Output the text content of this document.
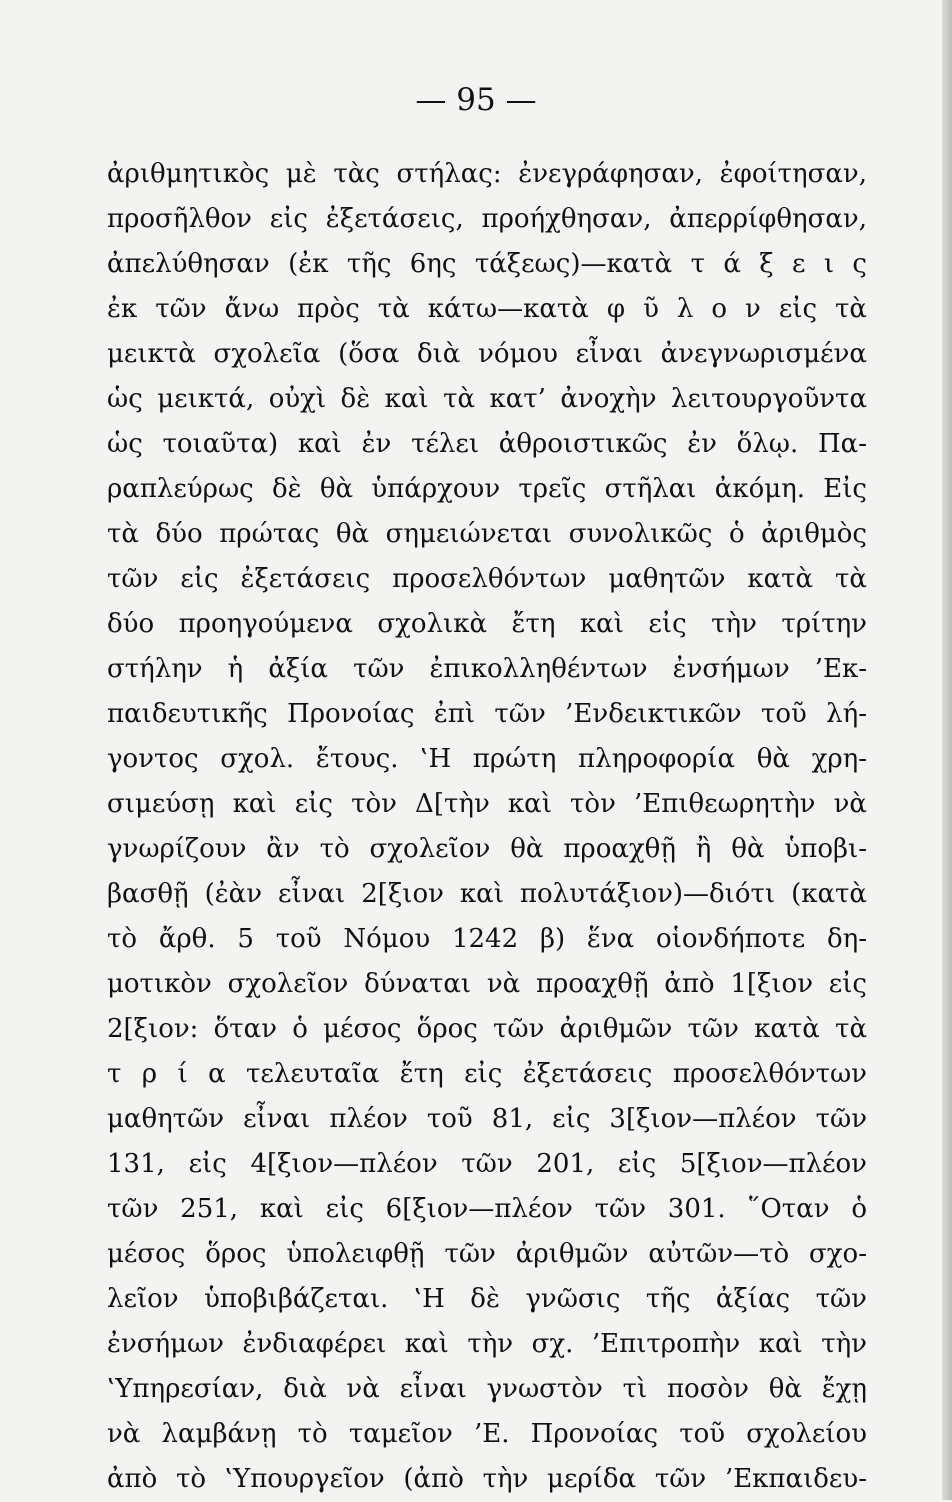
— 95 —
ἀριθμητικὸς μὲ τὰς στήλας: ἐνεγράφησαν, ἐφοίτησαν,
προσῆλθον εἰς ἐξετάσεις, προήχθησαν, ἀπερρίφθησαν,
ἀπελύθησαν (ἐκ τῆς 6ης τάξεως)—κατὰ τ ά ξ ε ι ς
ἐκ τῶν ἄνω πρὸς τὰ κάτω—κατὰ φ ῦ λ ο ν εἰς τὰ
μεικτὰ σχολεῖα (ὅσα διὰ νόμου εἶναι ἀνεγνωρισμένα
ὡς μεικτά, οὐχὶ δὲ καὶ τὰ κατ’ ἀνοχὴν λειτουργοῦντα
ὡς τοιαῦτα) καὶ ἐν τέλει ἀθροιστικῶς ἐν ὅλῳ. Πα-
ραπλεύρως δὲ θὰ ὑπάρχουν τρεῖς στῆλαι ἀκόμη. Εἰς
τὰ δύο πρώτας θὰ σημειώνεται συνολικῶς ὁ ἀριθμὸς
τῶν εἰς ἐξετάσεις προσελθόντων μαθητῶν κατὰ τὰ
δύο προηγούμενα σχολικὰ ἔτη καὶ εἰς τὴν τρίτην
στήλην ἡ ἀξία τῶν ἐπικολληθέντων ἐνσήμων ’Εκ-
παιδευτικῆς Προνοίας ἐπὶ τῶν ’Ενδεικτικῶν τοῦ λή-
γοντος σχολ. ἔτους. ‛Η πρώτη πληροφορία θὰ χρη-
σιμεύσῃ καὶ εἰς τὸν Δ[τὴν καὶ τὸν ’Επιθεωρητὴν νὰ
γνωρίζουν ἂν τὸ σχολεῖον θὰ προαχθῇ ἢ θὰ ὑποβι-
βασθῇ (ἐὰν εἶναι 2[ξιον καὶ πολυτάξιον)—διότι (κατὰ
τὸ ἄρθ. 5 τοῦ Νόμου 1242 β) ἕνα οἱονδήποτε δη-
μοτικὸν σχολεῖον δύναται νὰ προαχθῇ ἀπὸ 1[ξιον εἰς
2[ξιον: ὅταν ὁ μέσος ὅρος τῶν ἀριθμῶν τῶν κατὰ τὰ
τ ρ ί α τελευταῖα ἔτη εἰς ἐξετάσεις προσελθόντων
μαθητῶν εἶναι πλέον τοῦ 81, εἰς 3[ξιον—πλέον τῶν
131, εἰς 4[ξιον—πλέον τῶν 201, εἰς 5[ξιον—πλέον
τῶν 251, καὶ εἰς 6[ξιον—πλέον τῶν 301. ῞Οταν ὁ
μέσος ὅρος ὑπολειφθῇ τῶν ἀριθμῶν αὐτῶν—τὸ σχο-
λεῖον ὑποβιβάζεται. ‛Η δὲ γνῶσις τῆς ἀξίας τῶν
ἐνσήμων ἐνδιαφέρει καὶ τὴν σχ. ’Επιτροπὴν καὶ τὴν
‛Υπηρεσίαν, διὰ νὰ εἶναι γνωστὸν τὶ ποσὸν θὰ ἔχῃ
νὰ λαμβάνῃ τὸ ταμεῖον ’Ε. Προνοίας τοῦ σχολείου
ἀπὸ τὸ ‛Υπουργεῖον (ἀπὸ τὴν μερίδα τῶν ’Εκπαιδευ-
